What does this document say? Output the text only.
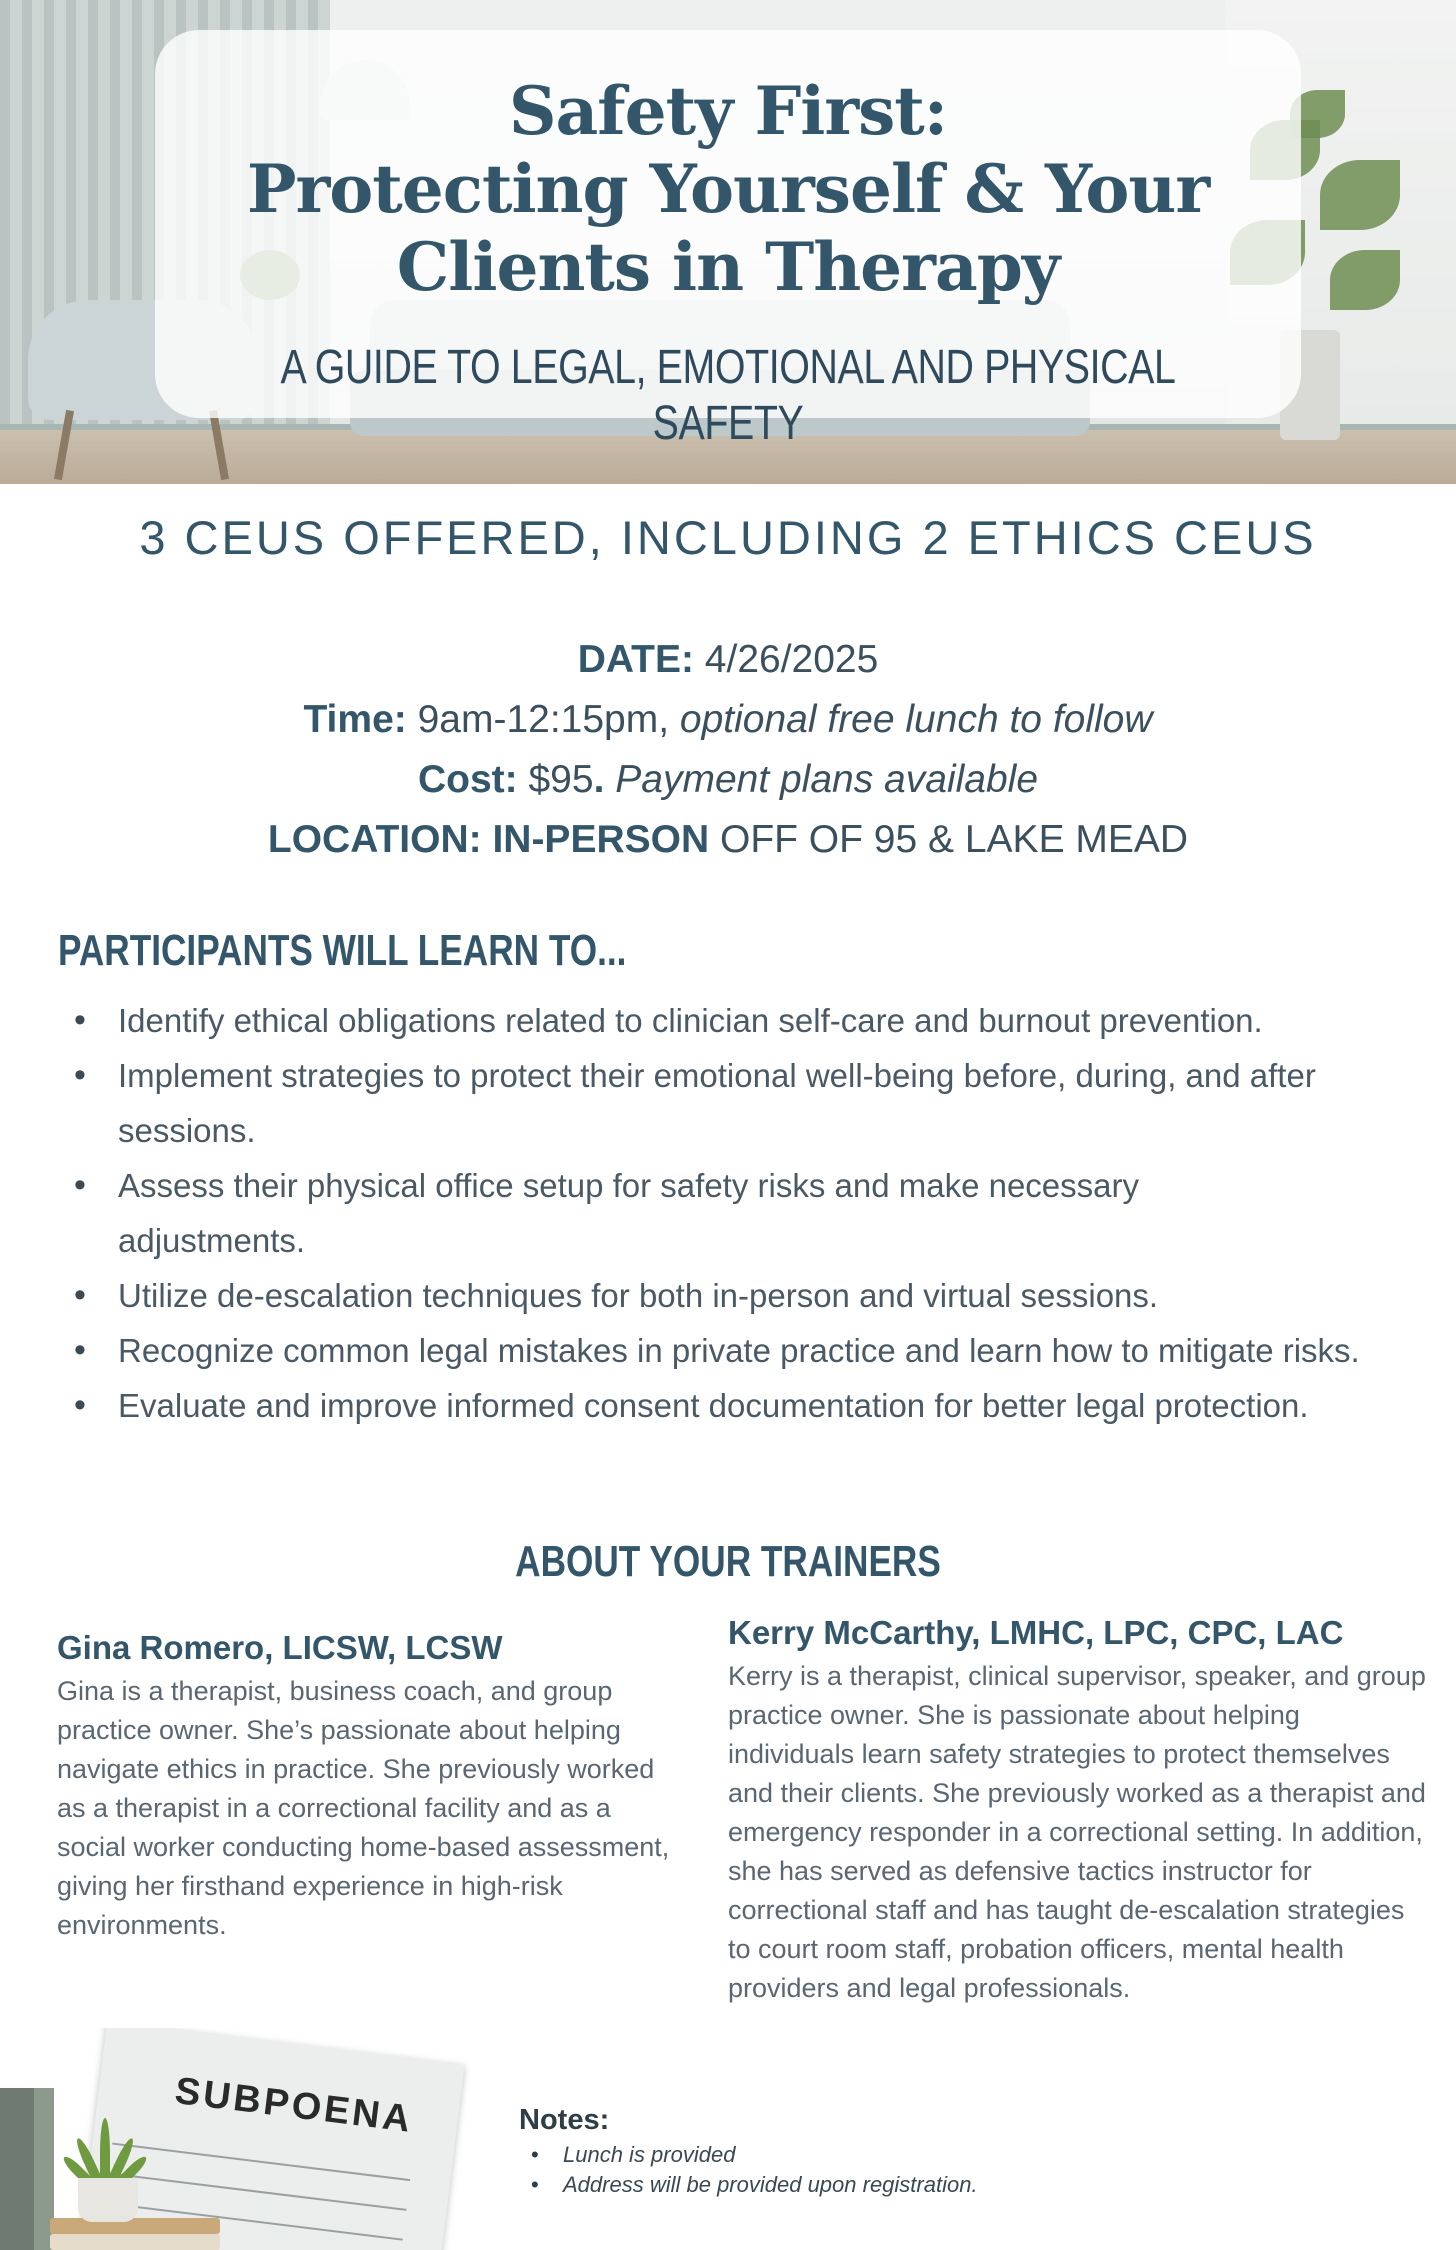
Safety First:
Protecting Yourself & Your
Clients in Therapy
A GUIDE TO LEGAL, EMOTIONAL AND PHYSICAL SAFETY
3 CEUS OFFERED, INCLUDING 2 ETHICS CEUS
DATE: 4/26/2025
Time: 9am-12:15pm, optional free lunch to follow
Cost: $95. Payment plans available
LOCATION: IN-PERSON OFF OF 95 & LAKE MEAD
PARTICIPANTS WILL LEARN TO...
• Identify ethical obligations related to clinician self-care and burnout prevention.
• Implement strategies to protect their emotional well-being before, during, and after sessions.
• Assess their physical office setup for safety risks and make necessary adjustments.
• Utilize de-escalation techniques for both in-person and virtual sessions.
• Recognize common legal mistakes in private practice and learn how to mitigate risks.
• Evaluate and improve informed consent documentation for better legal protection.
ABOUT YOUR TRAINERS
Gina Romero, LICSW, LCSW

Gina is a therapist, business coach, and group practice owner. She’s passionate about helping navigate ethics in practice. She previously worked as a therapist in a correctional facility and as a social worker conducting home-based assessment, giving her firsthand experience in high-risk environments.

Kerry McCarthy, LMHC, LPC, CPC, LAC

Kerry is a therapist, clinical supervisor, speaker, and group practice owner. She is passionate about helping individuals learn safety strategies to protect themselves and their clients. She previously worked as a therapist and emergency responder in a correctional setting. In addition, she has served as defensive tactics instructor for correctional staff and has taught de-escalation strategies to court room staff, probation officers, mental health providers and legal professionals.

SUBPOENA	Notes:
• Lunch is provided
• Address will be provided upon registration.
